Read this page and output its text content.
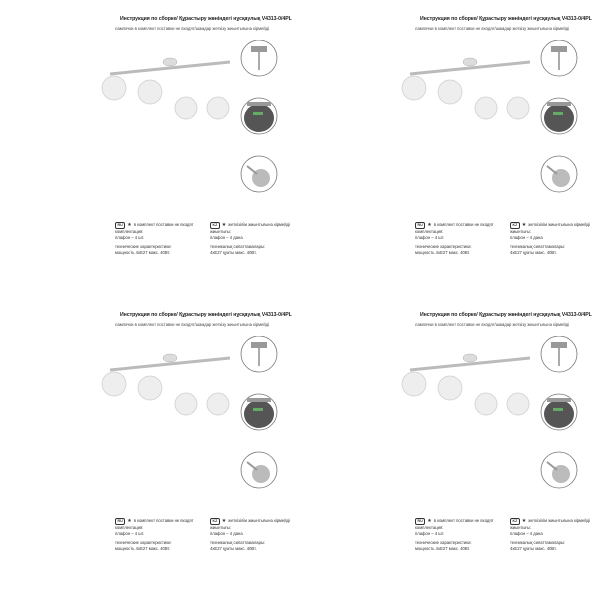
Инструкция по сборке/ Құрастыру жөніндегі нұсқаулық V4313-0/4PL
лампочки в комплект поставки не входят/шамдар жеткізу жиынтығына кірмейді
RU ★ в комплект поставки не входят
комплектация:
плафон – 4 шт.
технические характеристики:
мощность 4хE27 макс. 40Вт.
KZ ★ жеткізілім жиынтығына кірмейді
жиынтығы:
плафон – 4 дана
техникалық сипаттамалары:
4хE27 қуаты макс. 40Вт.
Инструкция по сборке/ Құрастыру жөніндегі нұсқаулық V4313-0/4PL
лампочки в комплект поставки не входят/шамдар жеткізу жиынтығына кірмейді
RU ★ в комплект поставки не входят
комплектация:
плафон – 4 шт.
технические характеристики:
мощность 4хE27 макс. 40Вт.
KZ ★ жеткізілім жиынтығына кірмейді
жиынтығы:
плафон – 4 дана
техникалық сипаттамалары:
4хE27 қуаты макс. 40Вт.
Инструкция по сборке/ Құрастыру жөніндегі нұсқаулық V4313-0/4PL
лампочки в комплект поставки не входят/шамдар жеткізу жиынтығына кірмейді
RU ★ в комплект поставки не входят
комплектация:
плафон – 4 шт.
технические характеристики:
мощность 4хE27 макс. 40Вт.
KZ ★ жеткізілім жиынтығына кірмейді
жиынтығы:
плафон – 4 дана
техникалық сипаттамалары:
4хE27 қуаты макс. 40Вт.
Инструкция по сборке/ Құрастыру жөніндегі нұсқаулық V4313-0/4PL
лампочки в комплект поставки не входят/шамдар жеткізу жиынтығына кірмейді
RU ★ в комплект поставки не входят
комплектация:
плафон – 4 шт.
технические характеристики:
мощность 4хE27 макс. 40Вт.
KZ ★ жеткізілім жиынтығына кірмейді
жиынтығы:
плафон – 4 дана
техникалық сипаттамалары:
4хE27 қуаты макс. 40Вт.
